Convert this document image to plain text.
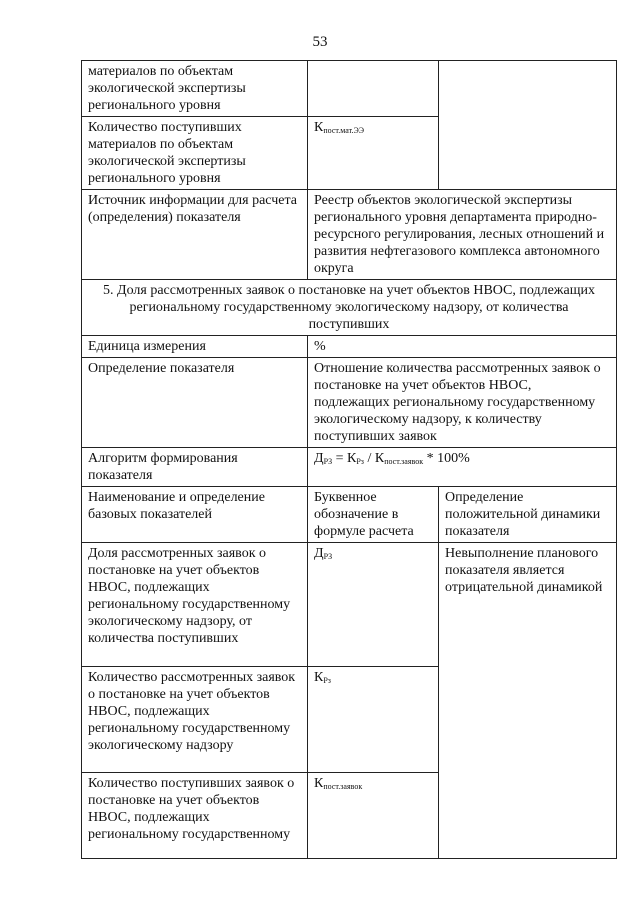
53
материалов по объектам экологической экспертизы регионального уровня		
Количество поступивших материалов по объектам экологической экспертизы регионального уровня	$К_{пост.мат.ЭЭ}$
Источник информации для расчета (определения) показателя	Реестр объектов экологической экспертизы регионального уровня департамента природно-ресурсного регулирования, лесных отношений и развития нефтегазового комплекса автономного округа	
5. Доля рассмотренных заявок о постановке на учет объектов НВОС, подлежащих региональному государственному экологическому надзору, от количества поступивших		
Единица измерения	%	
Определение показателя	Отношение количества рассмотренных заявок о постановке на учет объектов НВОС, подлежащих региональному государственному экологическому надзору, к количеству поступивших заявок	
Алгоритм формирования показателя	$Д_{РЗ} = К_{Рз} / К_{пост.заявок} * 100\%$	
Наименование и определение базовых показателей	Буквенное обозначение в формуле расчета	Определение положительной динамики показателя
Доля рассмотренных заявок о постановке на учет объектов НВОС, подлежащих региональному государственному экологическому надзору, от количества поступивших	$Д_{РЗ}$	Невыполнение планового показателя является отрицательной динамикой
Количество рассмотренных заявок о постановке на учет объектов НВОС, подлежащих региональному государственному экологическому надзору	$К_{Рз}$
Количество поступивших заявок о постановке на учет объектов НВОС, подлежащих региональному государственному	$К_{пост.заявок}$
